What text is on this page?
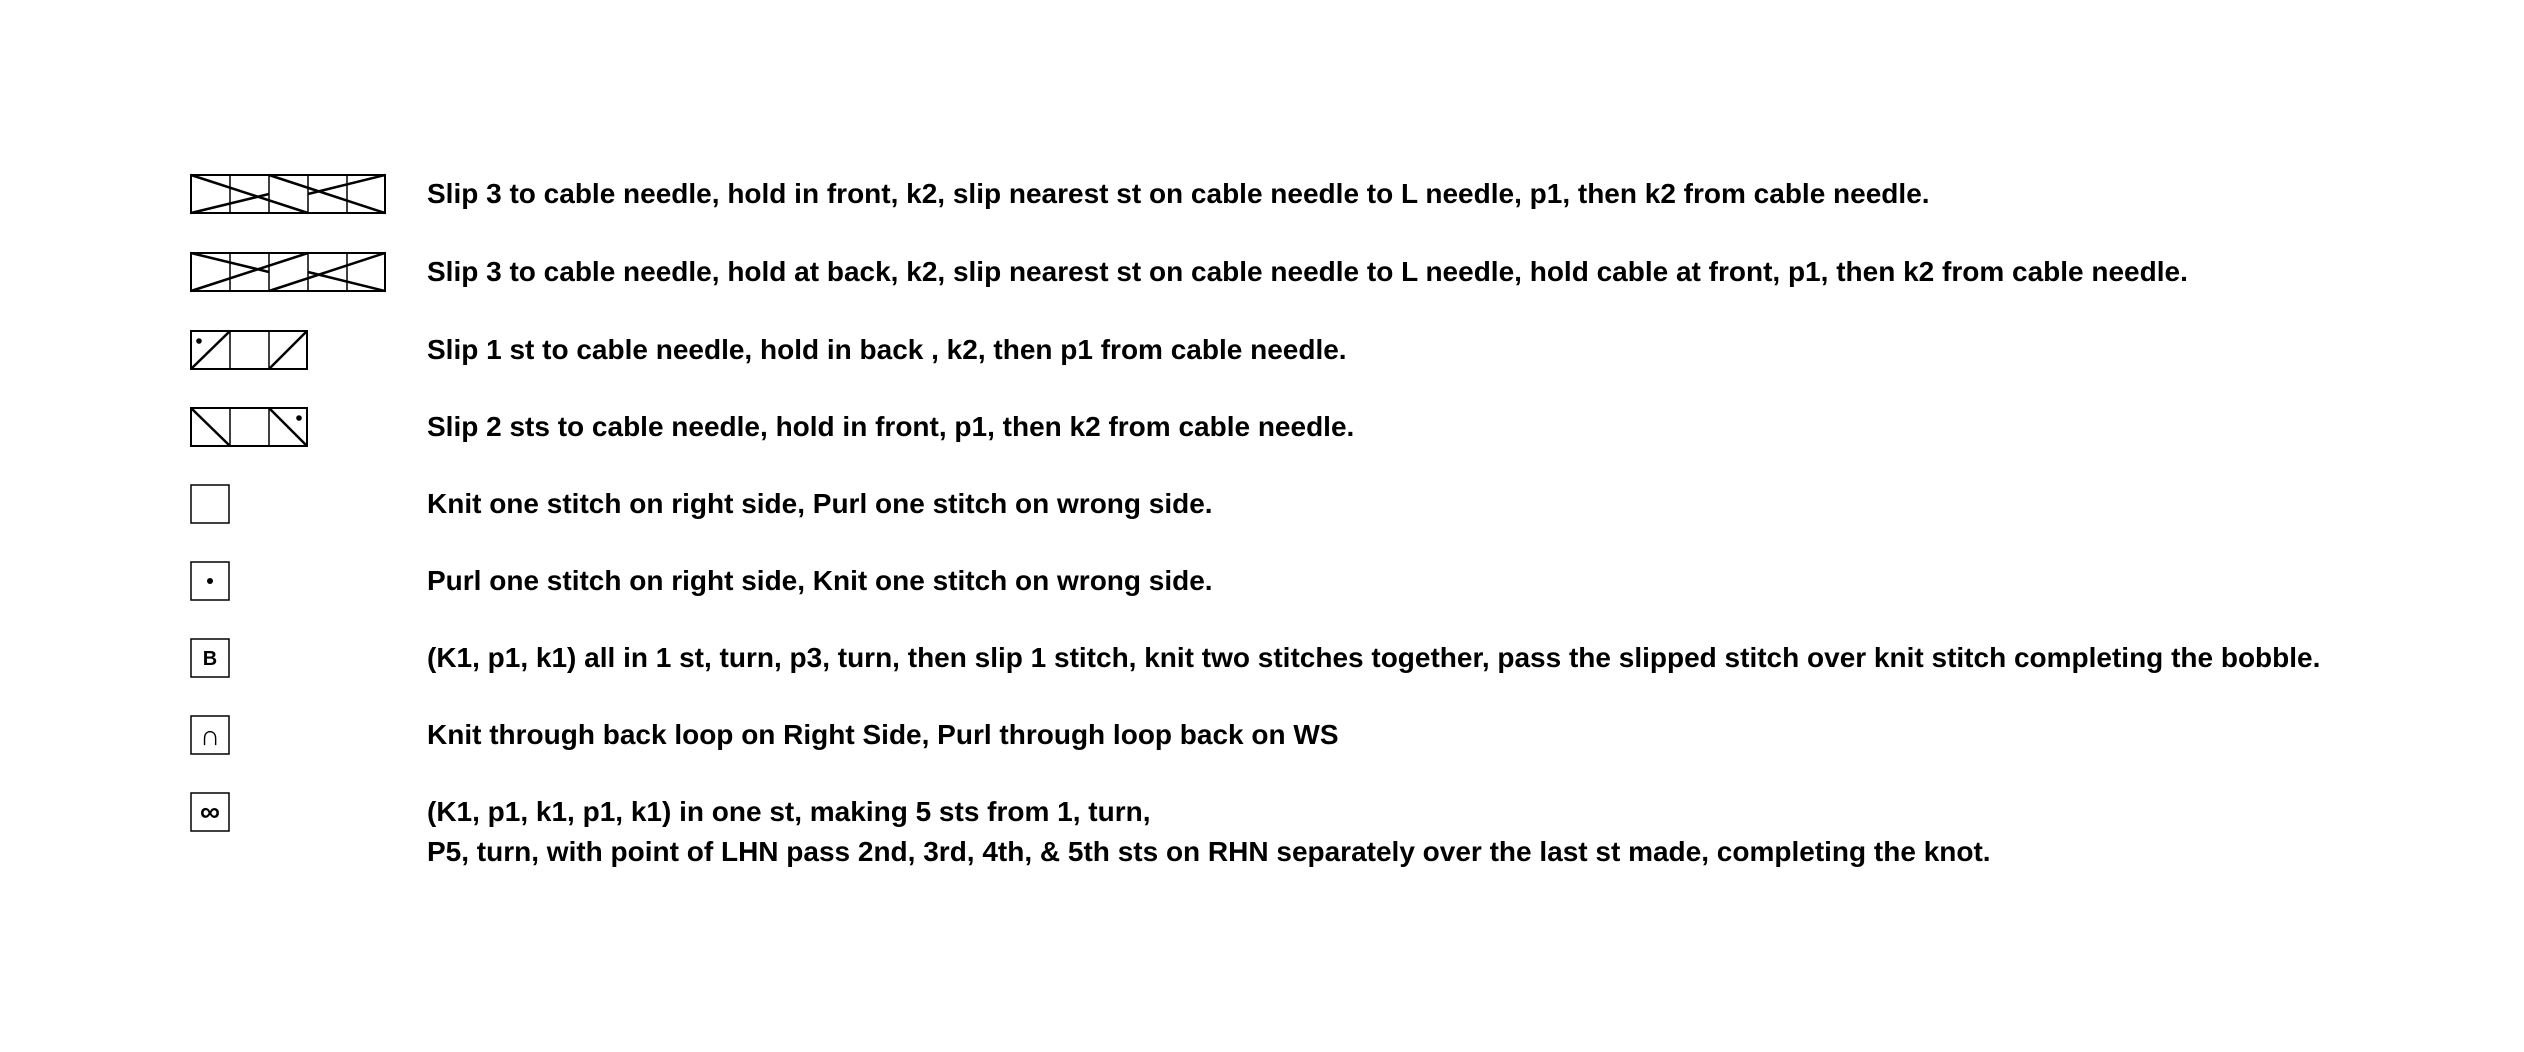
Slip 3 to cable needle, hold in front, k2, slip nearest st on cable needle to L needle, p1, then k2 from cable needle.
Slip 3 to cable needle, hold at back, k2, slip nearest st on cable needle to L needle, hold cable at front, p1, then k2 from cable needle.
Slip 1 st to cable needle, hold in back , k2, then p1 from cable needle.
Slip 2 sts to cable needle, hold in front, p1, then k2 from cable needle.
Knit one stitch on right side, Purl one stitch on wrong side.
Purl one stitch on right side, Knit one stitch on wrong side.
B	(K1, p1, k1) all in 1 st, turn, p3, turn, then slip 1 stitch, knit two stitches together, pass the slipped stitch over knit stitch completing the bobble.
∩	Knit through back loop on Right Side, Purl through loop back on WS
∞	(K1, p1, k1, p1, k1) in one st, making 5 sts from 1, turn,
P5, turn, with point of LHN pass 2nd, 3rd, 4th, & 5th sts on RHN separately over the last st made, completing the knot.
